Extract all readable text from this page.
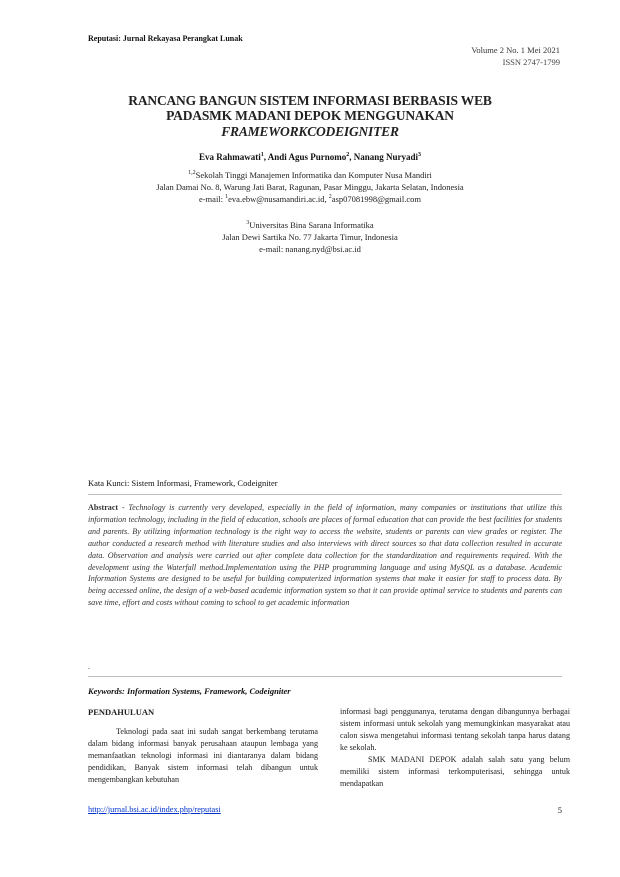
Reputasi: Jurnal Rekayasa Perangkat Lunak
Volume 2 No. 1 Mei 2021
ISSN 2747-1799
RANCANG BANGUN SISTEM INFORMASI BERBASIS WEB
PADASMK MADANI DEPOK MENGGUNAKAN
FRAMEWORKCODEIGNITER
Eva Rahmawati$^1$, Andi Agus Purnomo$^2$, Nanang Nuryadi$^3$
$^{1,2}$Sekolah Tinggi Manajemen Informatika dan Komputer Nusa Mandiri
Jalan Damai No. 8, Warung Jati Barat, Ragunan, Pasar Minggu, Jakarta Selatan, Indonesia
e-mail: $^1$eva.ebw@nusamandiri.ac.id, $^2$asp07081998@gmail.com
$^3$Universitas Bina Sarana Informatika
Jalan Dewi Sartika No. 77 Jakarta Timur, Indonesia
e-mail: nanang.nyd@bsi.ac.id
Kata Kunci: Sistem Informasi, Framework, Codeigniter
Abstract - Technology is currently very developed, especially in the field of information, many companies or institutions that utilize this information technology, including in the field of education, schools are places of formal education that can provide the best facilities for students and parents. By utilizing information technology is the right way to access the website, students or parents can view grades or register. The author conducted a research method with literature studies and also interviews with direct sources so that data collection resulted in accurate data. Observation and analysis were carried out after complete data collection for the standardization and requirements required. With the development using the Waterfall method.Implementation using the PHP programming language and using MySQL as a database. Academic Information Systems are designed to be useful for building computerized information systems that make it easier for staff to process data. By being accessed online, the design of a web-based academic information system so that it can provide optimal service to students and parents can save time, effort and costs without coming to school to get academic information
.
Keywords: Information Systems, Framework, Codeigniter
PENDAHULUAN

Teknologi pada saat ini sudah sangat berkembang terutama dalam bidang informasi banyak perusahaan ataupun lembaga yang memanfaatkan teknologi informasi ini diantaranya dalam bidang pendidikan, Banyak sistem informasi telah dibangun untuk mengembangkan kebutuhan

informasi bagi penggunanya, terutama dengan dibangunnya berbagai sistem informasi untuk sekolah yang memungkinkan masyarakat atau calon siswa mengetahui informasi tentang sekolah tanpa harus datang ke sekolah.

SMK MADANI DEPOK adalah salah satu yang belum memiliki sistem informasi terkomputerisasi, sehingga untuk mendapatkan

http://jurnal.bsi.ac.id/index.php/reputasi	5
